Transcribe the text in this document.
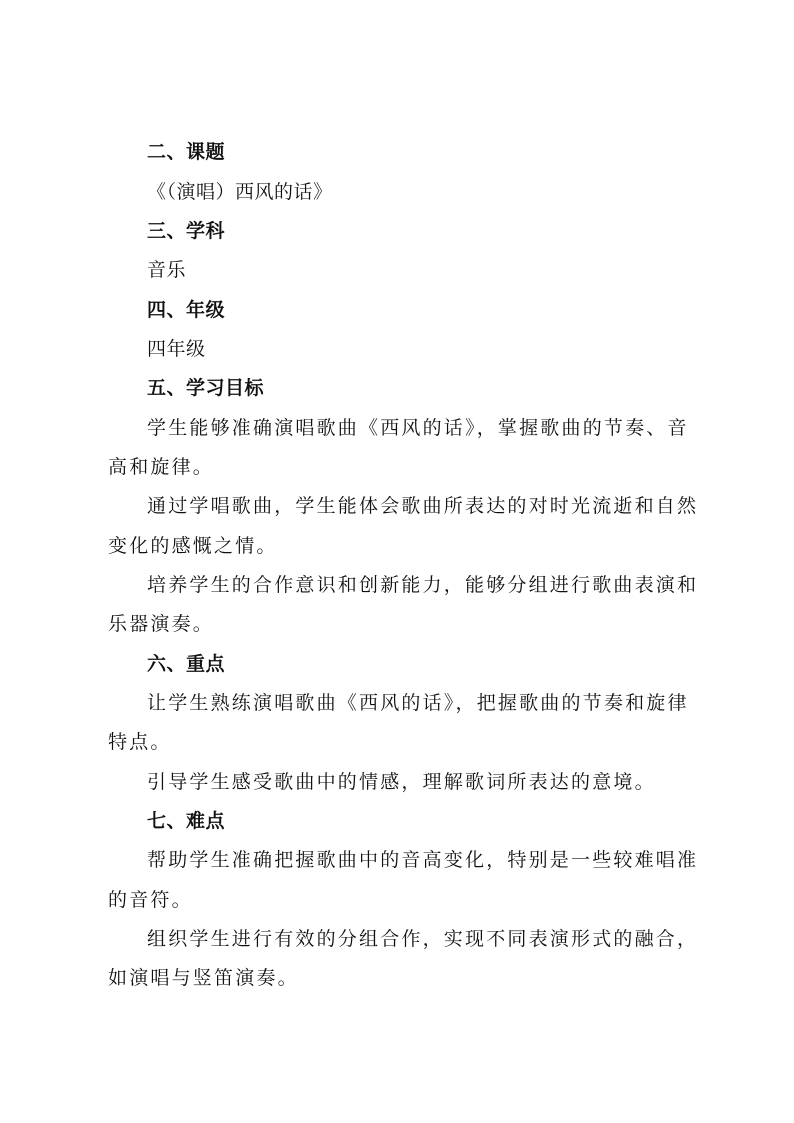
二、课题
《（演唱）西风的话》
三、学科
音乐
四、年级
四年级
五、学习目标
学生能够准确演唱歌曲《西风的话》，掌握歌曲的节奏、音
高和旋律。
通过学唱歌曲，学生能体会歌曲所表达的对时光流逝和自然
变化的感慨之情。
培养学生的合作意识和创新能力，能够分组进行歌曲表演和
乐器演奏。
六、重点
让学生熟练演唱歌曲《西风的话》，把握歌曲的节奏和旋律
特点。
引导学生感受歌曲中的情感，理解歌词所表达的意境。
七、难点
帮助学生准确把握歌曲中的音高变化，特别是一些较难唱准
的音符。
组织学生进行有效的分组合作，实现不同表演形式的融合，
如演唱与竖笛演奏。
